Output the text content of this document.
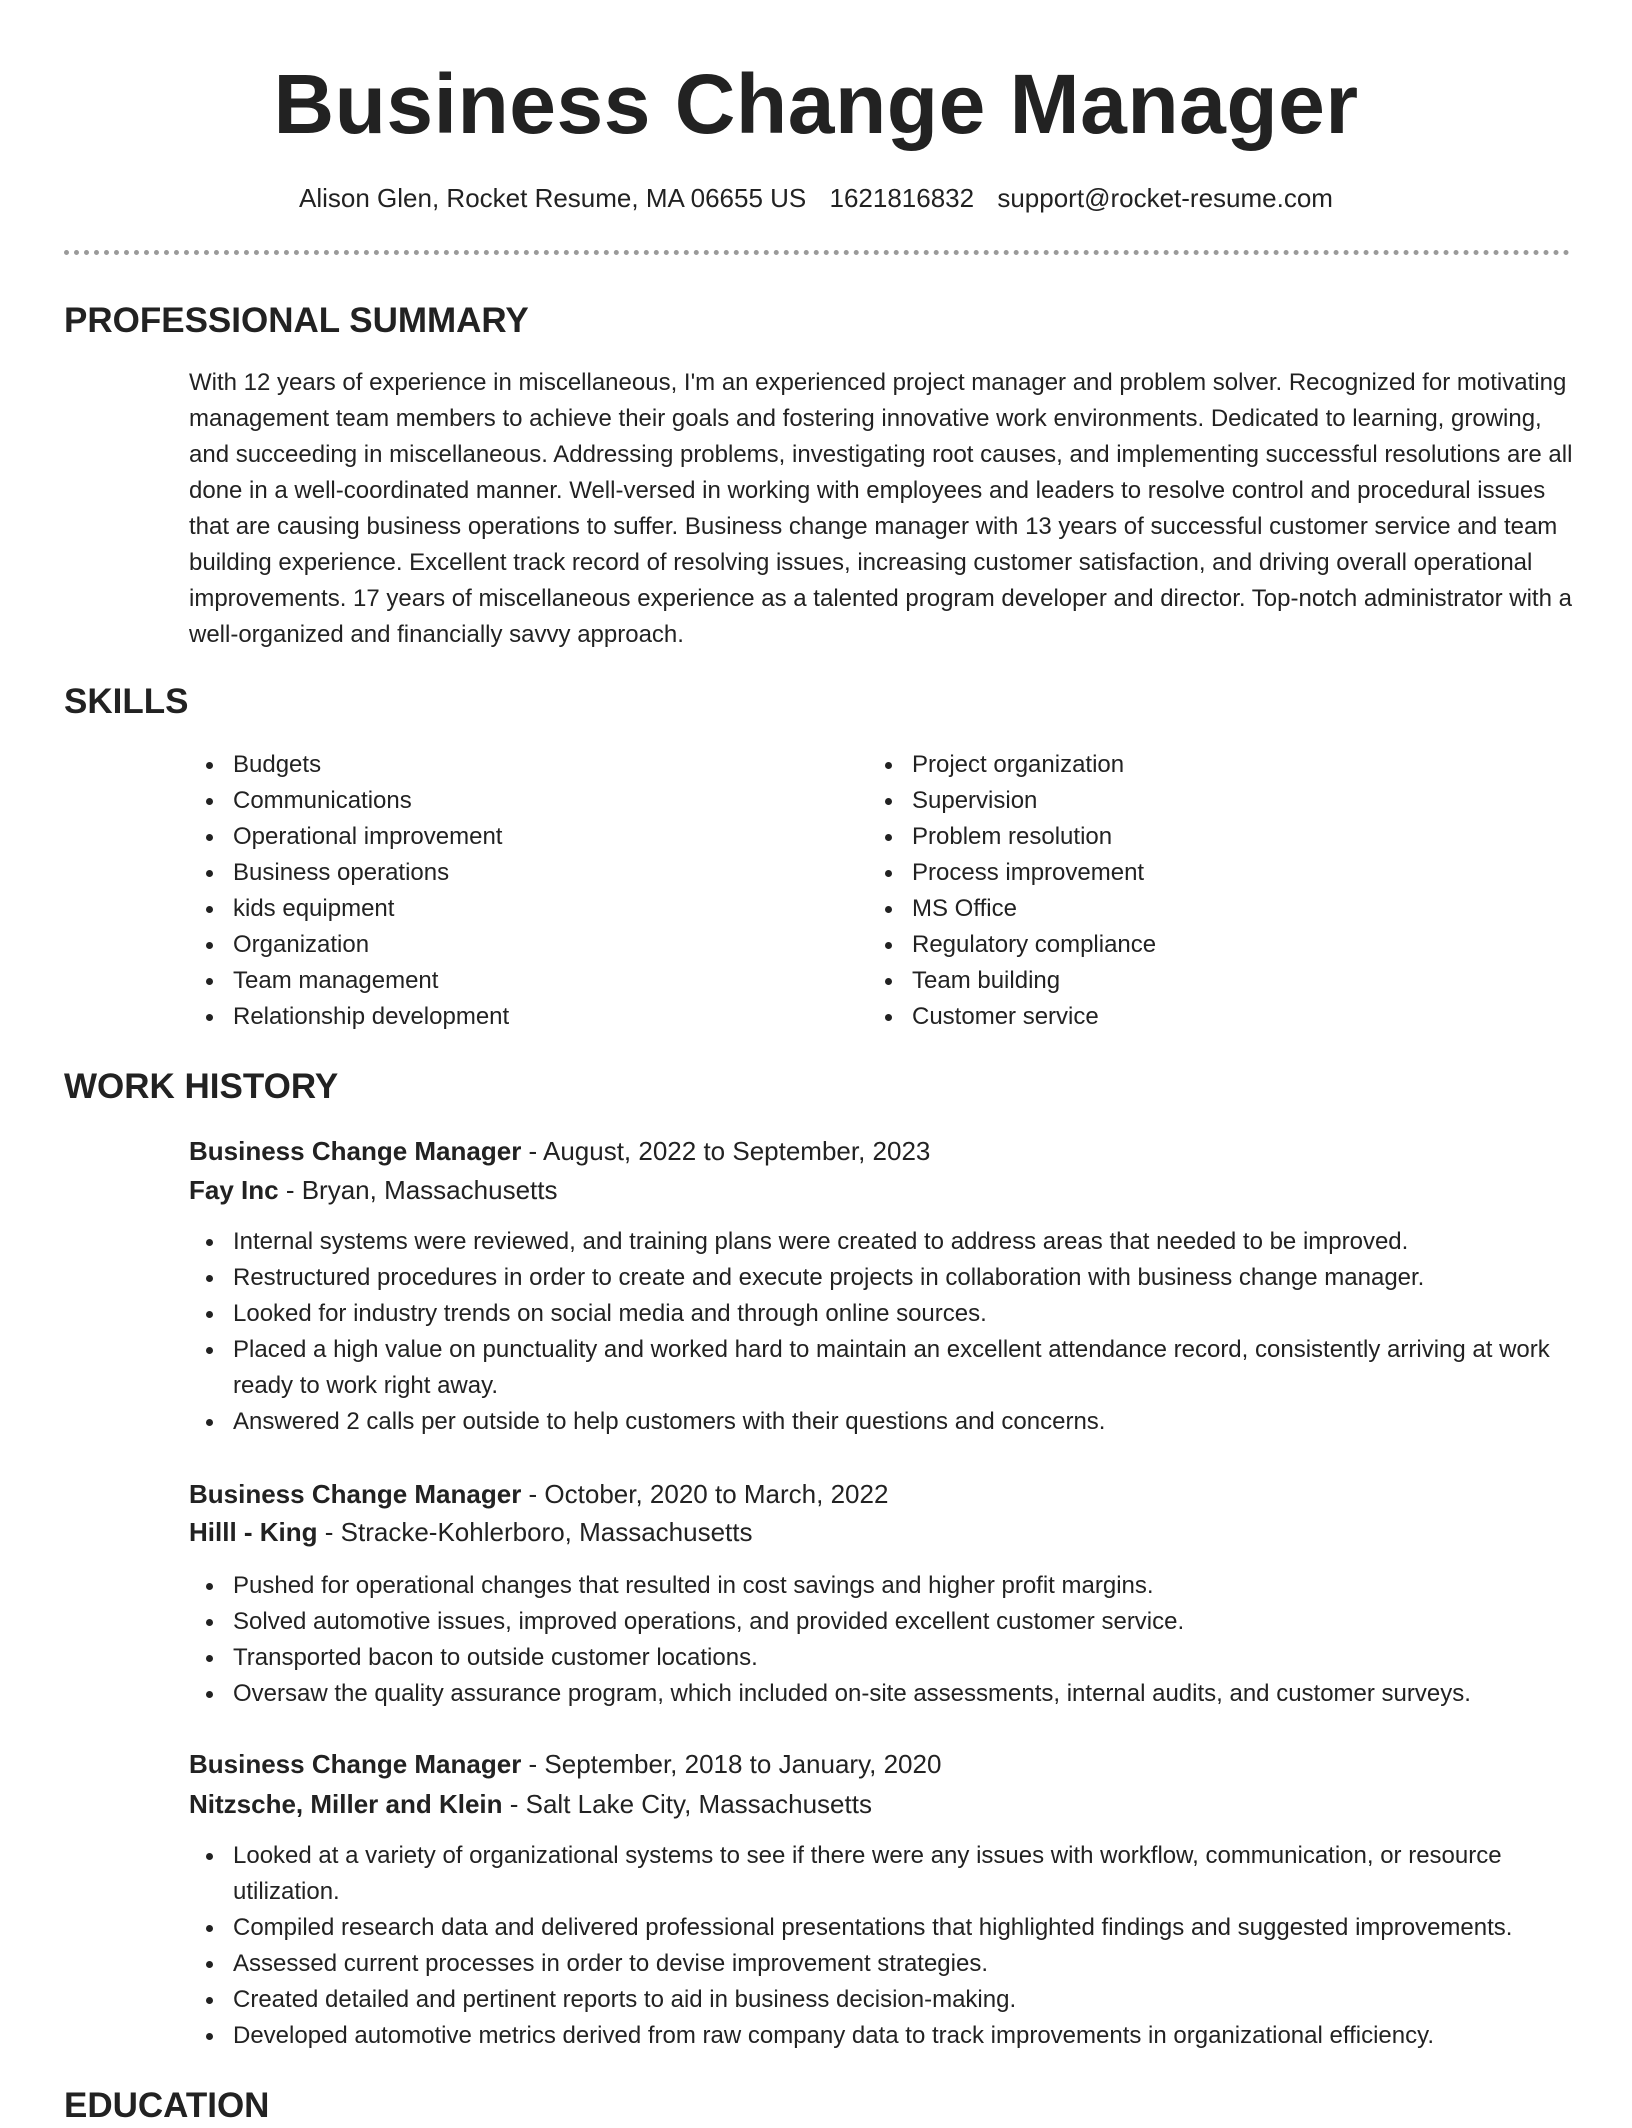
Business Change Manager
Alison Glen, Rocket Resume, MA 06655 US 1621816832 support@rocket-resume.com
PROFESSIONAL SUMMARY
With 12 years of experience in miscellaneous, I'm an experienced project manager and problem solver. Recognized for motivating management team members to achieve their goals and fostering innovative work environments. Dedicated to learning, growing, and succeeding in miscellaneous. Addressing problems, investigating root causes, and implementing successful resolutions are all done in a well-coordinated manner. Well-versed in working with employees and leaders to resolve control and procedural issues that are causing business operations to suffer. Business change manager with 13 years of successful customer service and team building experience. Excellent track record of resolving issues, increasing customer satisfaction, and driving overall operational improvements. 17 years of miscellaneous experience as a talented program developer and director. Top-notch administrator with a well-organized and financially savvy approach.
SKILLS
Budgets
Communications
Operational improvement
Business operations
kids equipment
Organization
Team management
Relationship development
Project organization
Supervision
Problem resolution
Process improvement
MS Office
Regulatory compliance
Team building
Customer service
WORK HISTORY
Business Change Manager - August, 2022 to September, 2023
Fay Inc - Bryan, Massachusetts
Internal systems were reviewed, and training plans were created to address areas that needed to be improved.
Restructured procedures in order to create and execute projects in collaboration with business change manager.
Looked for industry trends on social media and through online sources.
Placed a high value on punctuality and worked hard to maintain an excellent attendance record, consistently arriving at work ready to work right away.
Answered 2 calls per outside to help customers with their questions and concerns.
Business Change Manager - October, 2020 to March, 2022
Hilll - King - Stracke-Kohlerboro, Massachusetts
Pushed for operational changes that resulted in cost savings and higher profit margins.
Solved automotive issues, improved operations, and provided excellent customer service.
Transported bacon to outside customer locations.
Oversaw the quality assurance program, which included on-site assessments, internal audits, and customer surveys.
Business Change Manager - September, 2018 to January, 2020
Nitzsche, Miller and Klein - Salt Lake City, Massachusetts
Looked at a variety of organizational systems to see if there were any issues with workflow, communication, or resource utilization.
Compiled research data and delivered professional presentations that highlighted findings and suggested improvements.
Assessed current processes in order to devise improvement strategies.
Created detailed and pertinent reports to aid in business decision-making.
Developed automotive metrics derived from raw company data to track improvements in organizational efficiency.
EDUCATION
